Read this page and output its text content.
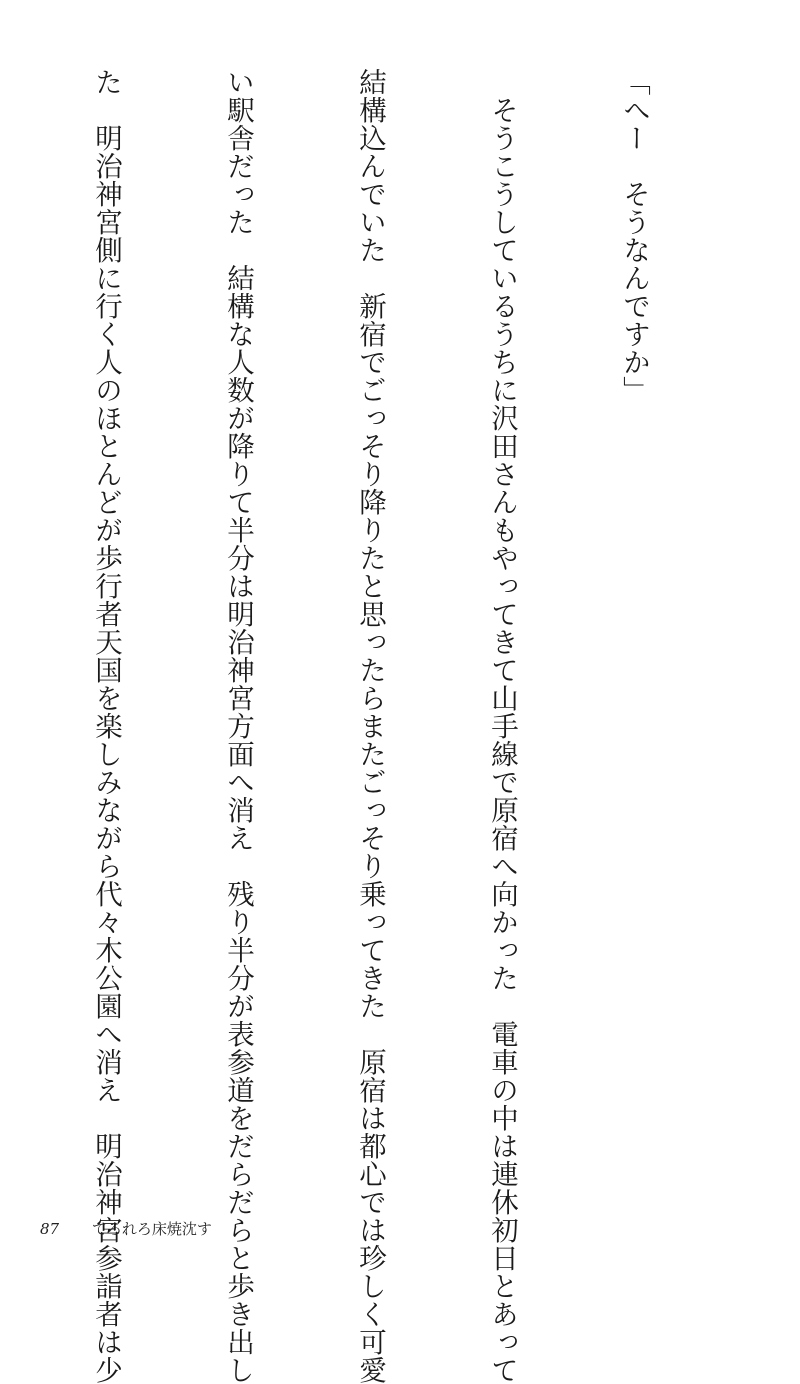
「へー　そうなんですか」

　そうこうしているうちに沢田さんもやってきて山手線で原宿へ向かった　電車の中は連休初日とあって

結構込んでいた　新宿でごっそり降りたと思ったらまたごっそり乗ってきた　原宿は都心では珍しく可愛

い駅舎だった　結構な人数が降りて半分は明治神宮方面へ消え　残り半分が表参道をだらだらと歩き出し

た　明治神宮側に行く人のほとんどが歩行者天国を楽しみながら代々木公園へ消え　明治神宮参詣者は少

87 てろれろ床焼沈す
